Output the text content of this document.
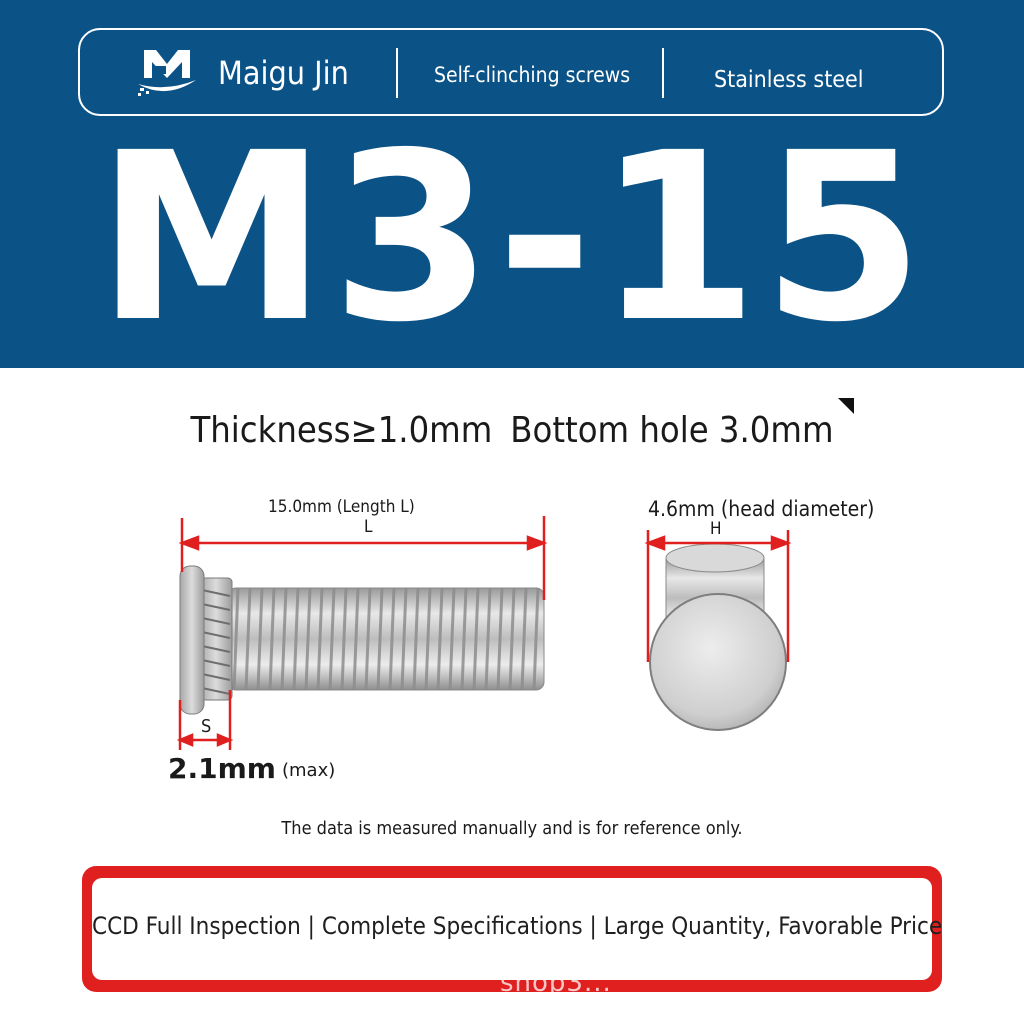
Maigu Jin	Self-clinching screws	Stainless steel
M3-15
Thickness≥1.0mm Bottom hole 3.0mm
15.0mm (Length L)
L
4.6mm (head diameter)
H
S
2.1mm (max)
The data is measured manually and is for reference only.
CCD Full Inspection | Complete Specifications | Large Quantity, Favorable Price
shop3...
